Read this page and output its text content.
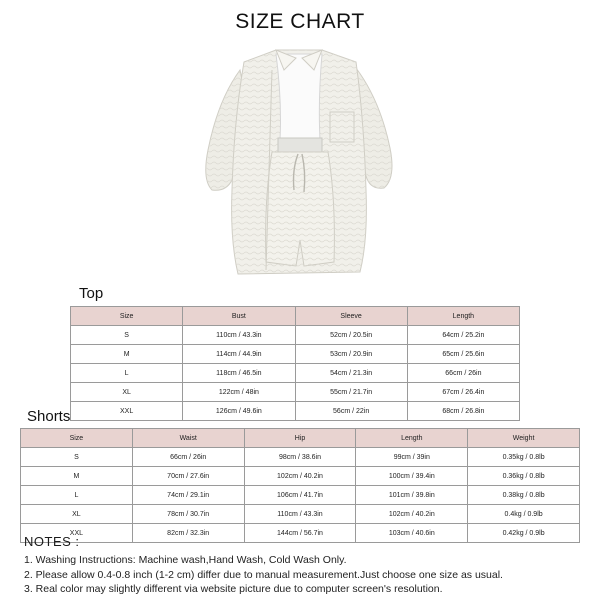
SIZE CHART
Top
Size	Bust	Sleeve	Length
S	110cm / 43.3in	52cm / 20.5in	64cm / 25.2in
M	114cm / 44.9in	53cm / 20.9in	65cm / 25.6in
L	118cm / 46.5in	54cm / 21.3in	66cm / 26in
XL	122cm / 48in	55cm / 21.7in	67cm / 26.4in
XXL	126cm / 49.6in	56cm / 22in	68cm / 26.8in
Shorts
Size	Waist	Hip	Length	Weight
S	66cm / 26in	98cm / 38.6in	99cm / 39in	0.35kg / 0.8lb
M	70cm / 27.6in	102cm / 40.2in	100cm / 39.4in	0.36kg / 0.8lb
L	74cm / 29.1in	106cm / 41.7in	101cm / 39.8in	0.38kg / 0.8lb
XL	78cm / 30.7in	110cm / 43.3in	102cm / 40.2in	0.4kg / 0.9lb
XXL	82cm / 32.3in	144cm / 56.7in	103cm / 40.6in	0.42kg / 0.9lb
NOTES :
1. Washing Instructions: Machine wash,Hand Wash, Cold Wash Only.
2. Please allow 0.4-0.8 inch (1-2 cm) differ due to manual measurement.Just choose one size as usual.
3. Real color may slightly different via website picture due to computer screen's resolution.
